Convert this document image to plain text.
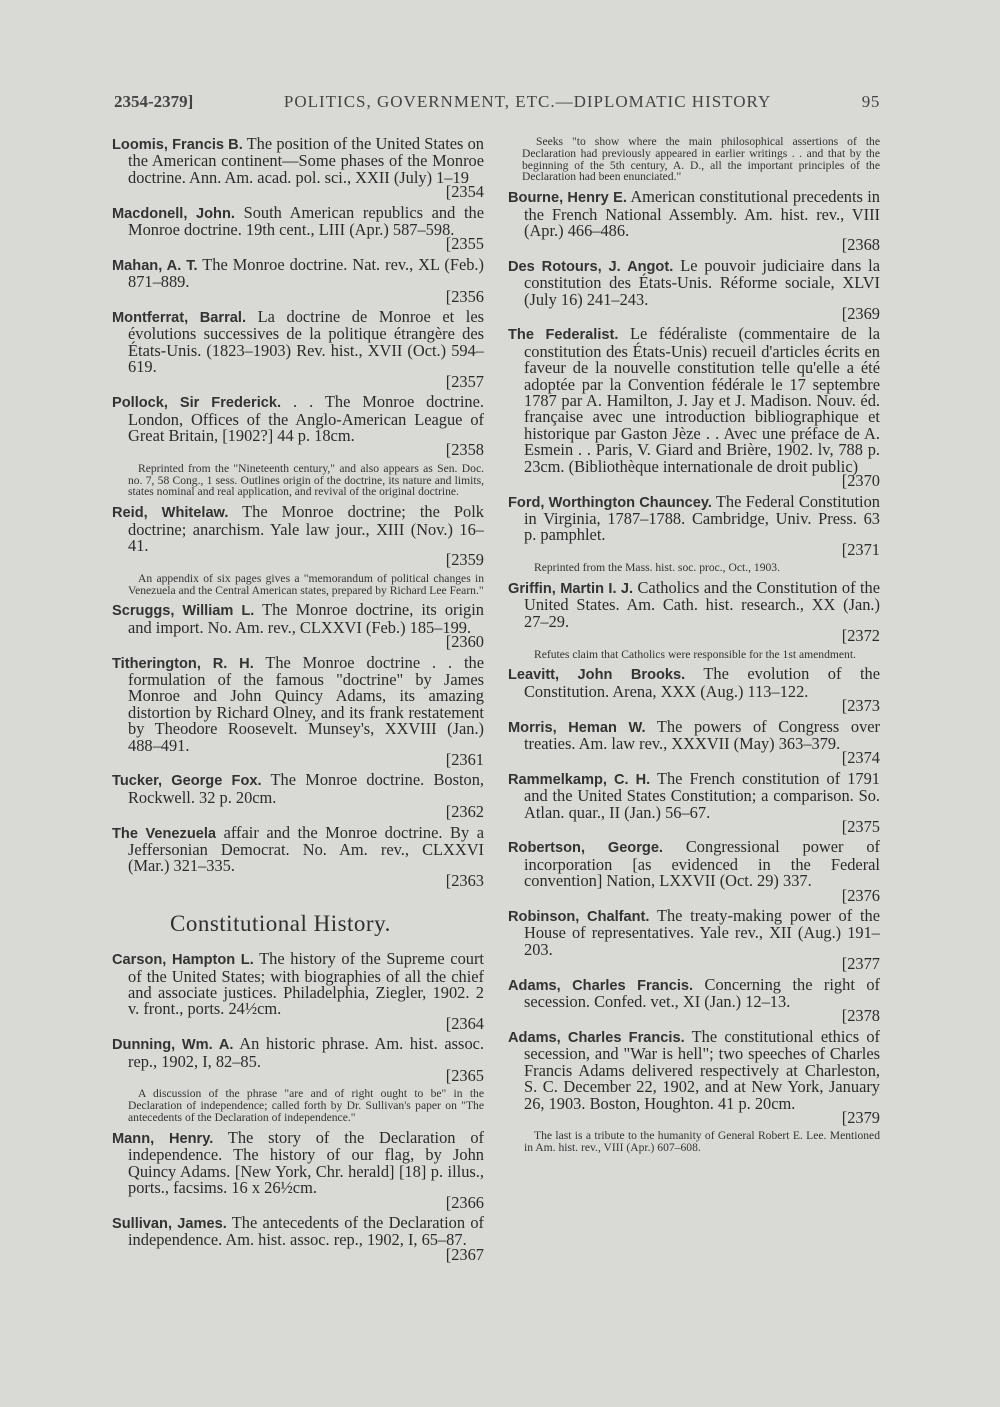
2354-2379]	POLITICS, GOVERNMENT, ETC.—DIPLOMATIC HISTORY	95

Loomis, Francis B. The position of the United States on the American continent—Some phases of the Monroe doctrine. Ann. Am. acad. pol. sci., XXII (July) 1–19
[2354

Macdonell, John. South American republics and the Monroe doctrine. 19th cent., LIII (Apr.) 587–598.
[2355

Mahan, A. T. The Monroe doctrine. Nat. rev., XL (Feb.) 871–889.
[2356

Montferrat, Barral. La doctrine de Monroe et les évolutions successives de la politique étrangère des États-Unis. (1823–1903) Rev. hist., XVII (Oct.) 594–619.
[2357

Pollock, Sir Frederick. . . The Monroe doctrine. London, Offices of the Anglo-American League of Great Britain, [1902?] 44 p. 18cm.
[2358

Reprinted from the "Nineteenth century," and also appears as Sen. Doc. no. 7, 58 Cong., 1 sess. Outlines origin of the doctrine, its nature and limits, states nominal and real application, and revival of the original doctrine.

Reid, Whitelaw. The Monroe doctrine; the Polk doctrine; anarchism. Yale law jour., XIII (Nov.) 16–41.
[2359

An appendix of six pages gives a "memorandum of political changes in Venezuela and the Central American states, prepared by Richard Lee Fearn."

Scruggs, William L. The Monroe doctrine, its origin and import. No. Am. rev., CLXXVI (Feb.) 185–199.
[2360

Titherington, R. H. The Monroe doctrine . . the formulation of the famous "doctrine" by James Monroe and John Quincy Adams, its amazing distortion by Richard Olney, and its frank restatement by Theodore Roosevelt. Munsey's, XXVIII (Jan.) 488–491.
[2361

Tucker, George Fox. The Monroe doctrine. Boston, Rockwell. 32 p. 20cm.
[2362

The Venezuela affair and the Monroe doctrine. By a Jeffersonian Democrat. No. Am. rev., CLXXVI (Mar.) 321–335.
[2363

Constitutional History.

Carson, Hampton L. The history of the Supreme court of the United States; with biographies of all the chief and associate justices. Philadelphia, Ziegler, 1902. 2 v. front., ports. 24½cm.
[2364

Dunning, Wm. A. An historic phrase. Am. hist. assoc. rep., 1902, I, 82–85.
[2365

A discussion of the phrase "are and of right ought to be" in the Declaration of independence; called forth by Dr. Sullivan's paper on "The antecedents of the Declaration of independence."

Mann, Henry. The story of the Declaration of independence. The history of our flag, by John Quincy Adams. [New York, Chr. herald] [18] p. illus., ports., facsims. 16 x 26½cm.
[2366

Sullivan, James. The antecedents of the Declaration of independence. Am. hist. assoc. rep., 1902, I, 65–87.
[2367

Seeks "to show where the main philosophical assertions of the Declaration had previously appeared in earlier writings . . and that by the beginning of the 5th century, A. D., all the important principles of the Declaration had been enunciated."

Bourne, Henry E. American constitutional precedents in the French National Assembly. Am. hist. rev., VIII (Apr.) 466–486.
[2368

Des Rotours, J. Angot. Le pouvoir judiciaire dans la constitution des États-Unis. Réforme sociale, XLVI (July 16) 241–243.
[2369

The Federalist. Le fédéraliste (commentaire de la constitution des États-Unis) recueil d'articles écrits en faveur de la nouvelle constitution telle qu'elle a été adoptée par la Convention fédérale le 17 septembre 1787 par A. Hamilton, J. Jay et J. Madison. Nouv. éd. française avec une introduction bibliographique et historique par Gaston Jèze . . Avec une préface de A. Esmein . . Paris, V. Giard and Brière, 1902. lv, 788 p. 23cm. (Bibliothèque internationale de droit public)
[2370

Ford, Worthington Chauncey. The Federal Constitution in Virginia, 1787–1788. Cambridge, Univ. Press. 63 p. pamphlet.
[2371

Reprinted from the Mass. hist. soc. proc., Oct., 1903.

Griffin, Martin I. J. Catholics and the Constitution of the United States. Am. Cath. hist. research., XX (Jan.) 27–29.
[2372

Refutes claim that Catholics were responsible for the 1st amendment.

Leavitt, John Brooks. The evolution of the Constitution. Arena, XXX (Aug.) 113–122.
[2373

Morris, Heman W. The powers of Congress over treaties. Am. law rev., XXXVII (May) 363–379.
[2374

Rammelkamp, C. H. The French constitution of 1791 and the United States Constitution; a comparison. So. Atlan. quar., II (Jan.) 56–67.
[2375

Robertson, George. Congressional power of incorporation [as evidenced in the Federal convention] Nation, LXXVII (Oct. 29) 337.
[2376

Robinson, Chalfant. The treaty-making power of the House of representatives. Yale rev., XII (Aug.) 191–203.
[2377

Adams, Charles Francis. Concerning the right of secession. Confed. vet., XI (Jan.) 12–13.
[2378

Adams, Charles Francis. The constitutional ethics of secession, and "War is hell"; two speeches of Charles Francis Adams delivered respectively at Charleston, S. C. December 22, 1902, and at New York, January 26, 1903. Boston, Houghton. 41 p. 20cm.
[2379

The last is a tribute to the humanity of General Robert E. Lee. Mentioned in Am. hist. rev., VIII (Apr.) 607–608.
